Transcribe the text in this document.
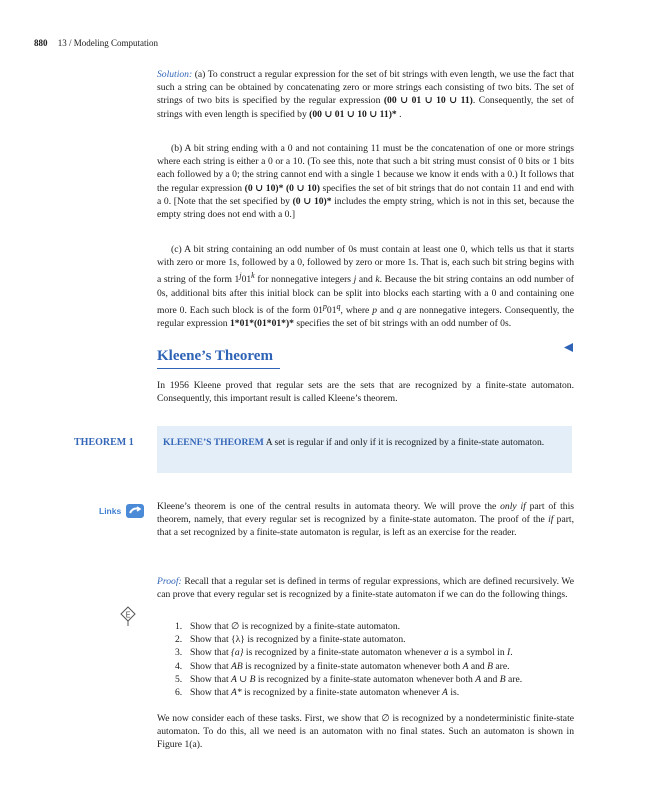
880 13 / Modeling Computation

Solution: (a) To construct a regular expression for the set of bit strings with even length, we use the fact that such a string can be obtained by concatenating zero or more strings each consisting of two bits. The set of strings of two bits is specified by the regular expression (00 ∪ 01 ∪ 10 ∪ 11). Consequently, the set of strings with even length is specified by (00 ∪ 01 ∪ 10 ∪ 11)* .

(b) A bit string ending with a 0 and not containing 11 must be the concatenation of one or more strings where each string is either a 0 or a 10. (To see this, note that such a bit string must consist of 0 bits or 1 bits each followed by a 0; the string cannot end with a single 1 because we know it ends with a 0.) It follows that the regular expression (0 ∪ 10)* (0 ∪ 10) specifies the set of bit strings that do not contain 11 and end with a 0. [Note that the set specified by (0 ∪ 10)* includes the empty string, which is not in this set, because the empty string does not end with a 0.]

(c) A bit string containing an odd number of 0s must contain at least one 0, which tells us that it starts with zero or more 1s, followed by a 0, followed by zero or more 1s. That is, each such bit string begins with a string of the form 1$^j$01$^k$ for nonnegative integers j and k. Because the bit string contains an odd number of 0s, additional bits after this initial block can be split into blocks each starting with a 0 and containing one more 0. Each such block is of the form 01$^p$01$^q$, where p and q are nonnegative integers. Consequently, the regular expression 1*01*(01*01*)* specifies the set of bit strings with an odd number of 0s.

Kleene’s Theorem

In 1956 Kleene proved that regular sets are the sets that are recognized by a finite-state automaton. Consequently, this important result is called Kleene’s theorem.

THEOREM 1	KLEENE’S THEOREM A set is regular if and only if it is recognized by a finite-state automaton.
Links	Kleene’s theorem is one of the central results in automata theory. We will prove the only if part of this theorem, namely, that every regular set is recognized by a finite-state automaton. The proof of the if part, that a set recognized by a finite-state automaton is regular, is left as an exercise for the reader.

E

Proof: Recall that a regular set is defined in terms of regular expressions, which are defined recursively. We can prove that every regular set is recognized by a finite-state automaton if we can do the following things.

1. Show that ∅ is recognized by a finite-state automaton.
2. Show that {λ} is recognized by a finite-state automaton.
3. Show that {a} is recognized by a finite-state automaton whenever a is a symbol in I.
4. Show that AB is recognized by a finite-state automaton whenever both A and B are.
5. Show that A ∪ B is recognized by a finite-state automaton whenever both A and B are.
6. Show that A* is recognized by a finite-state automaton whenever A is.

We now consider each of these tasks. First, we show that ∅ is recognized by a nondeterministic finite-state automaton. To do this, all we need is an automaton with no final states. Such an automaton is shown in Figure 1(a).
